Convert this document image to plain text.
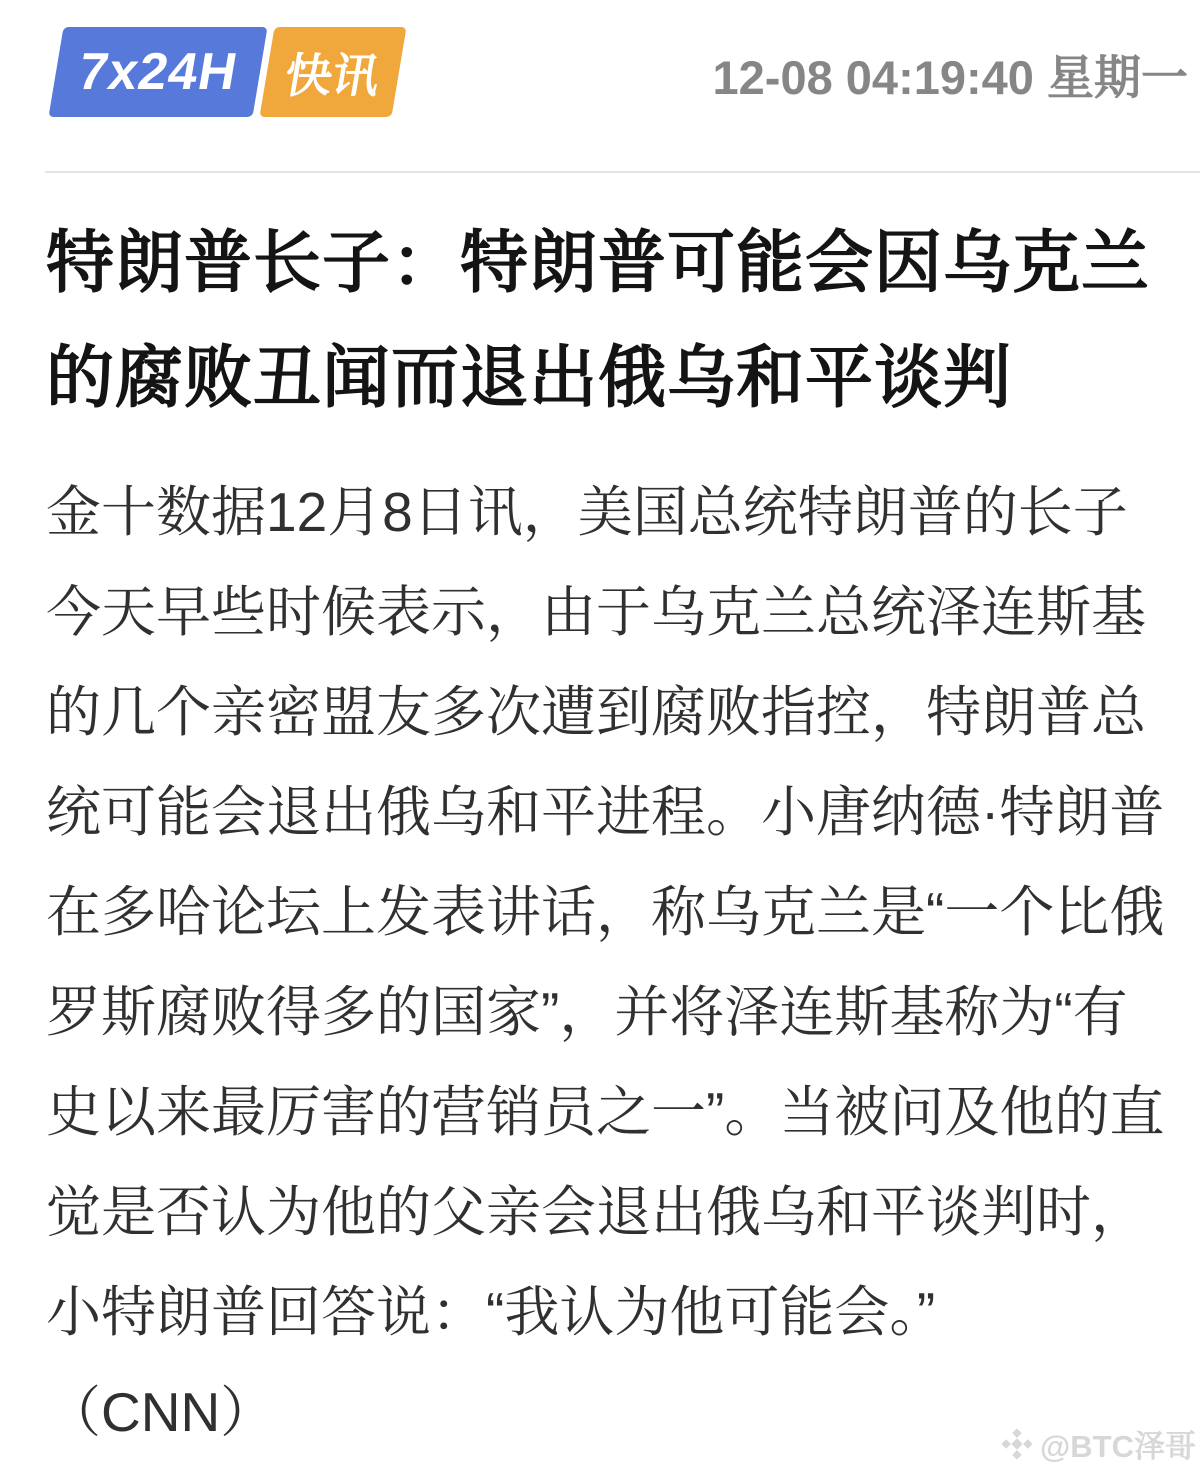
7x24H 快讯	12-08 04:19:40 星期一
特朗普长子：特朗普可能会因乌克兰
的腐败丑闻而退出俄乌和平谈判
金十数据12月8日讯，美国总统特朗普的长子
今天早些时候表示，由于乌克兰总统泽连斯基
的几个亲密盟友多次遭到腐败指控，特朗普总
统可能会退出俄乌和平进程。小唐纳德·特朗普
在多哈论坛上发表讲话，称乌克兰是“一个比俄
罗斯腐败得多的国家”，并将泽连斯基称为“有
史以来最厉害的营销员之一”。当被问及他的直
觉是否认为他的父亲会退出俄乌和平谈判时，
小特朗普回答说：“我认为他可能会。”
（CNN）
@BTC泽哥
